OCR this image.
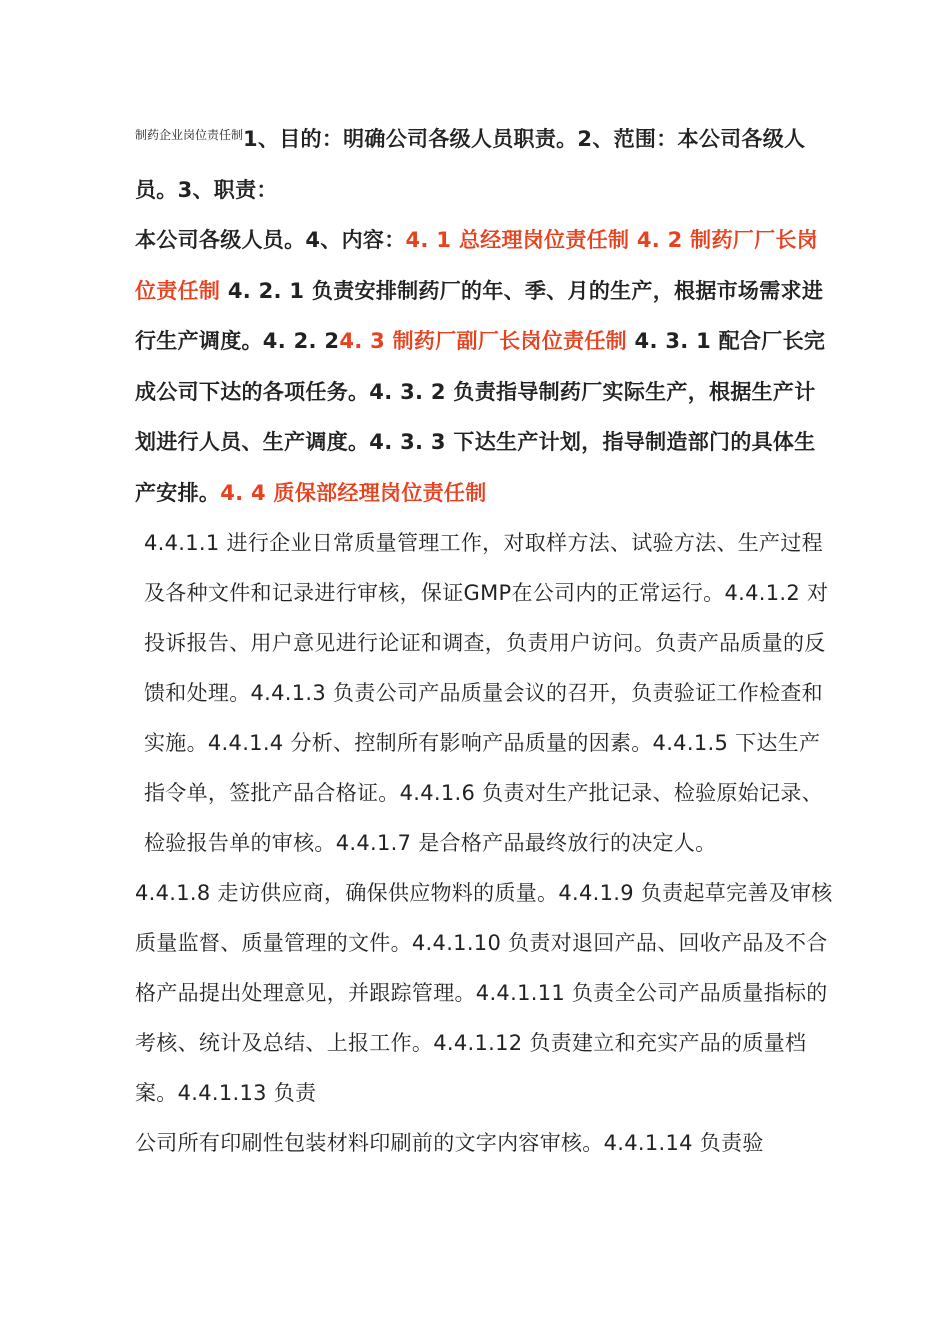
$^{制药企业岗位责任制}$1、目的：明确公司各级人员职责。2、范围：本公司各级人员。3、职责：

本公司各级人员。4、内容：4. 1 总经理岗位责任制 4. 2 制药厂厂长岗位责任制 4. 2. 1 负责安排制药厂的年、季、月的生产，根据市场需求进行生产调度。4. 2. 24. 3 制药厂副厂长岗位责任制 4. 3. 1 配合厂长完成公司下达的各项任务。4. 3. 2 负责指导制药厂实际生产，根据生产计划进行人员、生产调度。4. 3. 3 下达生产计划，指导制造部门的具体生产安排。4. 4 质保部经理岗位责任制

4.4.1.1 进行企业日常质量管理工作，对取样方法、试验方法、生产过程及各种文件和记录进行审核，保证GMP在公司内的正常运行。4.4.1.2 对投诉报告、用户意见进行论证和调查，负责用户访问。负责产品质量的反馈和处理。4.4.1.3 负责公司产品质量会议的召开，负责验证工作检查和实施。4.4.1.4 分析、控制所有影响产品质量的因素。4.4.1.5 下达生产指令单，签批产品合格证。4.4.1.6 负责对生产批记录、检验原始记录、检验报告单的审核。4.4.1.7 是合格产品最终放行的决定人。

4.4.1.8 走访供应商，确保供应物料的质量。4.4.1.9 负责起草完善及审核质量监督、质量管理的文件。4.4.1.10 负责对退回产品、回收产品及不合格产品提出处理意见，并跟踪管理。4.4.1.11 负责全公司产品质量指标的考核、统计及总结、上报工作。4.4.1.12 负责建立和充实产品的质量档案。4.4.1.13 负责

公司所有印刷性包装材料印刷前的文字内容审核。4.4.1.14 负责验
